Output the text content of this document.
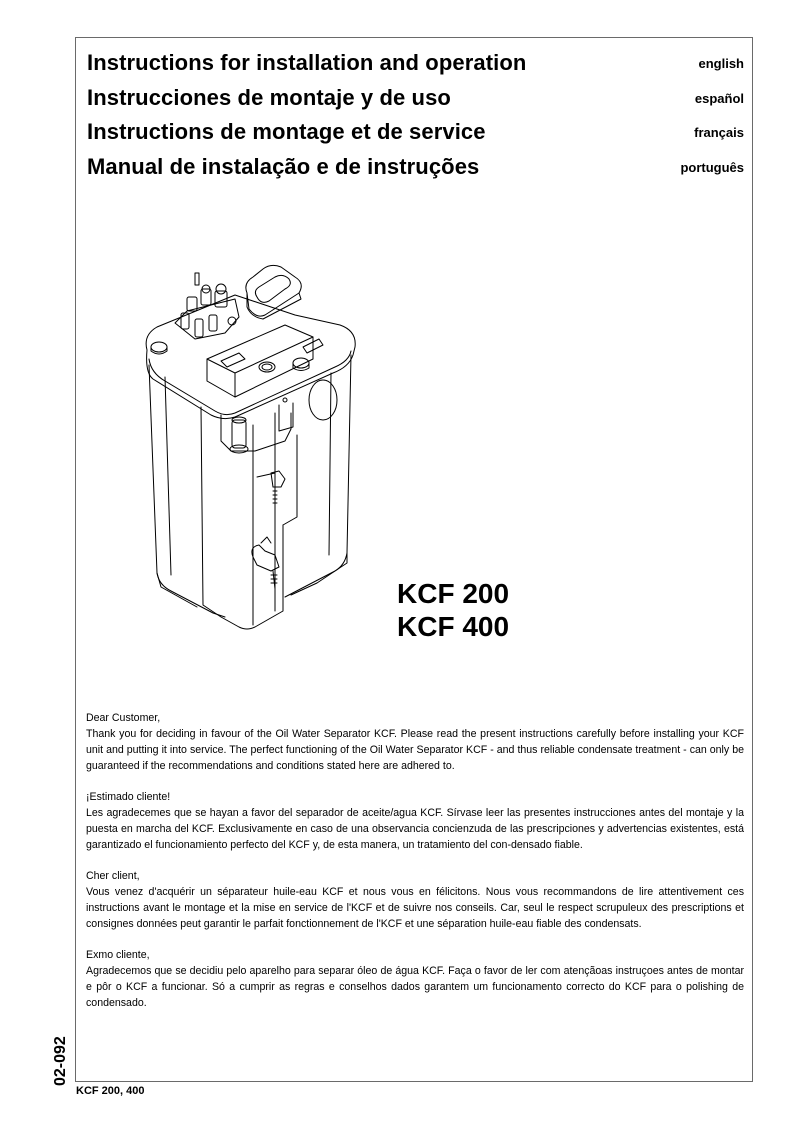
Instructions for installation and operation	english
Instrucciones de montaje y de uso	español
Instructions de montage et de service	français
Manual de instalação e de instruções	português
KCF 200
KCF 400

Dear Customer,

Thank you for deciding in favour of the Oil Water Separator KCF. Please read the present instructions carefully before installing your KCF unit and putting it into service. The perfect functioning of the Oil Water Separator KCF - and thus reliable condensate treatment - can only be guaranteed if the recommendations and conditions stated here are adhered to.

¡Estimado cliente!

Les agradecemes que se hayan a favor del separador de aceite/agua KCF. Sírvase leer las presentes instrucciones antes del montaje y la puesta en marcha del KCF. Exclusivamente en caso de una observancia concienzuda de las prescripciones y advertencias existentes, está garantizado el funcionamiento perfecto del KCF y, de esta manera, un tratamiento del con-densado fiable.

Cher client,

Vous venez d'acquérir un séparateur huile-eau KCF et nous vous en félicitons. Nous vous recommandons de lire attentivement ces instructions avant le montage et la mise en service de l'KCF et de suivre nos conseils. Car, seul le respect scrupuleux des prescriptions et consignes données peut garantir le parfait fonctionnement de l'KCF et une séparation huile-eau fiable des condensats.

Exmo cliente,

Agradecemos que se decidiu pelo aparelho para separar óleo de água KCF. Faça o favor de ler com atençãoas instruçoes antes de montar e pôr o KCF a funcionar. Só a cumprir as regras e conselhos dados garantem um funcionamento correcto do KCF para o polishing de condensado.

02-092
KCF 200, 400
